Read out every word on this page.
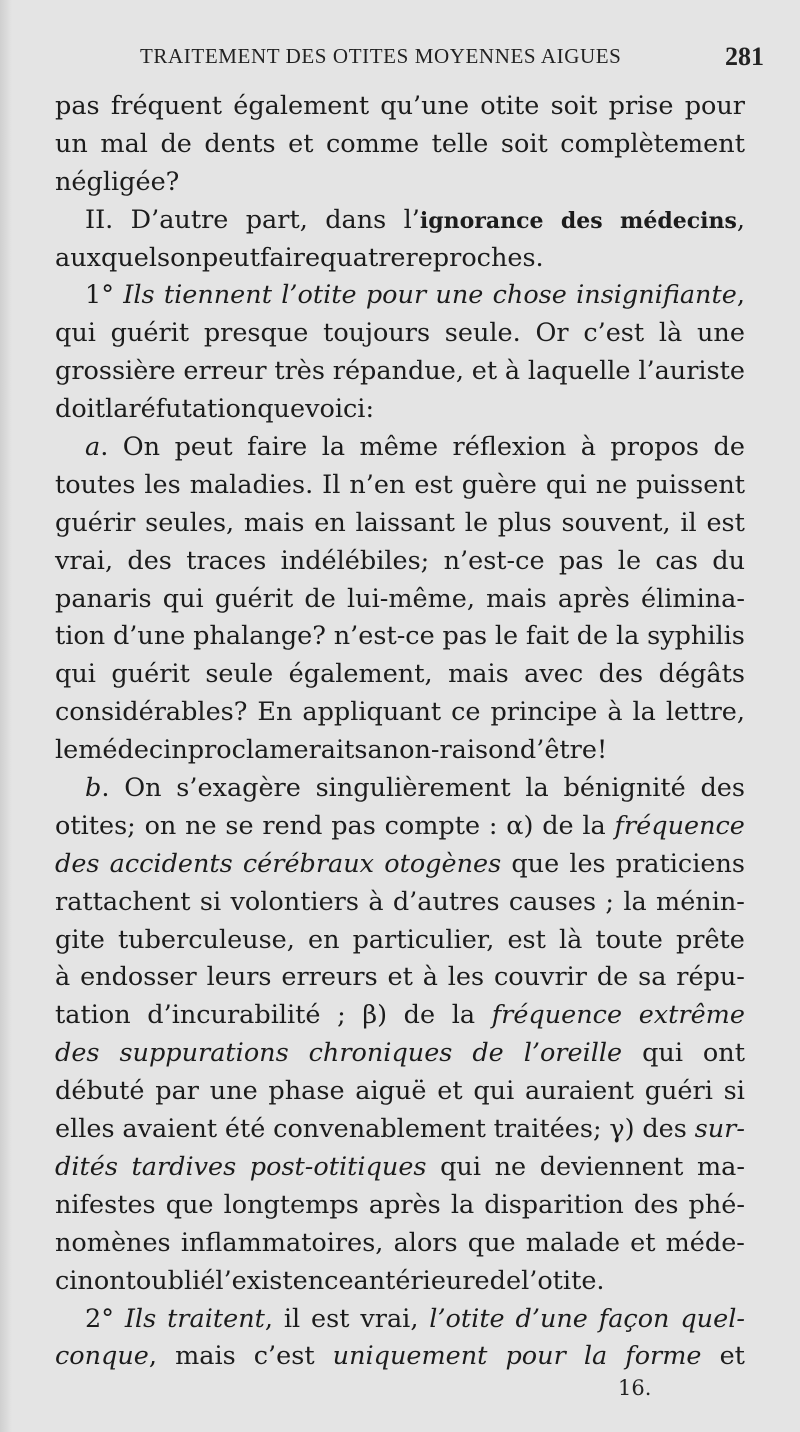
TRAITEMENT DES OTITES MOYENNES AIGUES	281
pas fréquent également qu’une otite soit prise pour
un mal de dents et comme telle soit complètement
négligée?
II. D’autre part, dans l’ignorance des médecins,
auxquels on peut faire quatre reproches.
1° Ils tiennent l’otite pour une chose insignifiante,
qui guérit presque toujours seule. Or c’est là une
grossière erreur très répandue, et à laquelle l’auriste
doit la réfutation que voici :
a. On peut faire la même réflexion à propos de
toutes les maladies. Il n’en est guère qui ne puissent
guérir seules, mais en laissant le plus souvent, il est
vrai, des traces indélébiles; n’est-ce pas le cas du
panaris qui guérit de lui-même, mais après élimina-
tion d’une phalange? n’est-ce pas le fait de la syphilis
qui guérit seule également, mais avec des dégâts
considérables? En appliquant ce principe à la lettre,
le médecin proclamerait sa non-raison d’être!
b. On s’exagère singulièrement la bénignité des
otites; on ne se rend pas compte : α) de la fréquence
des accidents cérébraux otogènes que les praticiens
rattachent si volontiers à d’autres causes ; la ménin-
gite tuberculeuse, en particulier, est là toute prête
à endosser leurs erreurs et à les couvrir de sa répu-
tation d’incurabilité ; β) de la fréquence extrême
des suppurations chroniques de l’oreille qui ont
débuté par une phase aiguë et qui auraient guéri si
elles avaient été convenablement traitées; γ) des sur-
dités tardives post-otitiques qui ne deviennent ma-
nifestes que longtemps après la disparition des phé-
nomènes inflammatoires, alors que malade et méde-
cin ont oublié l’existence antérieure de l’otite.
2° Ils traitent, il est vrai, l’otite d’une façon quel-
conque, mais c’est uniquement pour la forme et
16.
